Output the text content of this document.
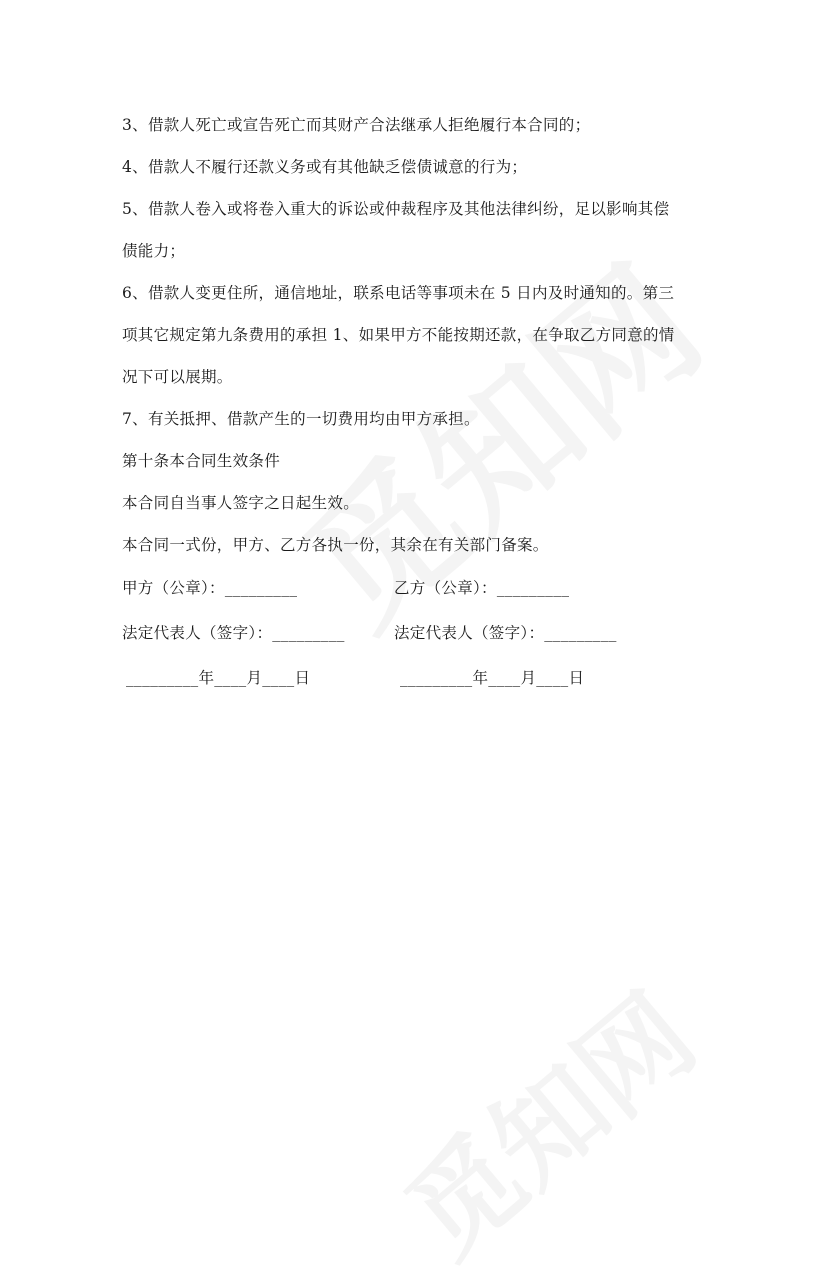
3、借款人死亡或宣告死亡而其财产合法继承人拒绝履行本合同的；

4、借款人不履行还款义务或有其他缺乏偿债诚意的行为；

5、借款人卷入或将卷入重大的诉讼或仲裁程序及其他法律纠纷，足以影响其偿

债能力；

6、借款人变更住所，通信地址，联系电话等事项未在 5 日内及时通知的。第三

项其它规定第九条费用的承担 1、如果甲方不能按期还款，在争取乙方同意的情

况下可以展期。

7、有关抵押、借款产生的一切费用均由甲方承担。

第十条本合同生效条件

本合同自当事人签字之日起生效。

本合同一式份，甲方、乙方各执一份，其余在有关部门备案。

甲方（公章）：_________	乙方（公章）：_________
法定代表人（签字）：_________	法定代表人（签字）：_________
_________年____月____日	_________年____月____日
